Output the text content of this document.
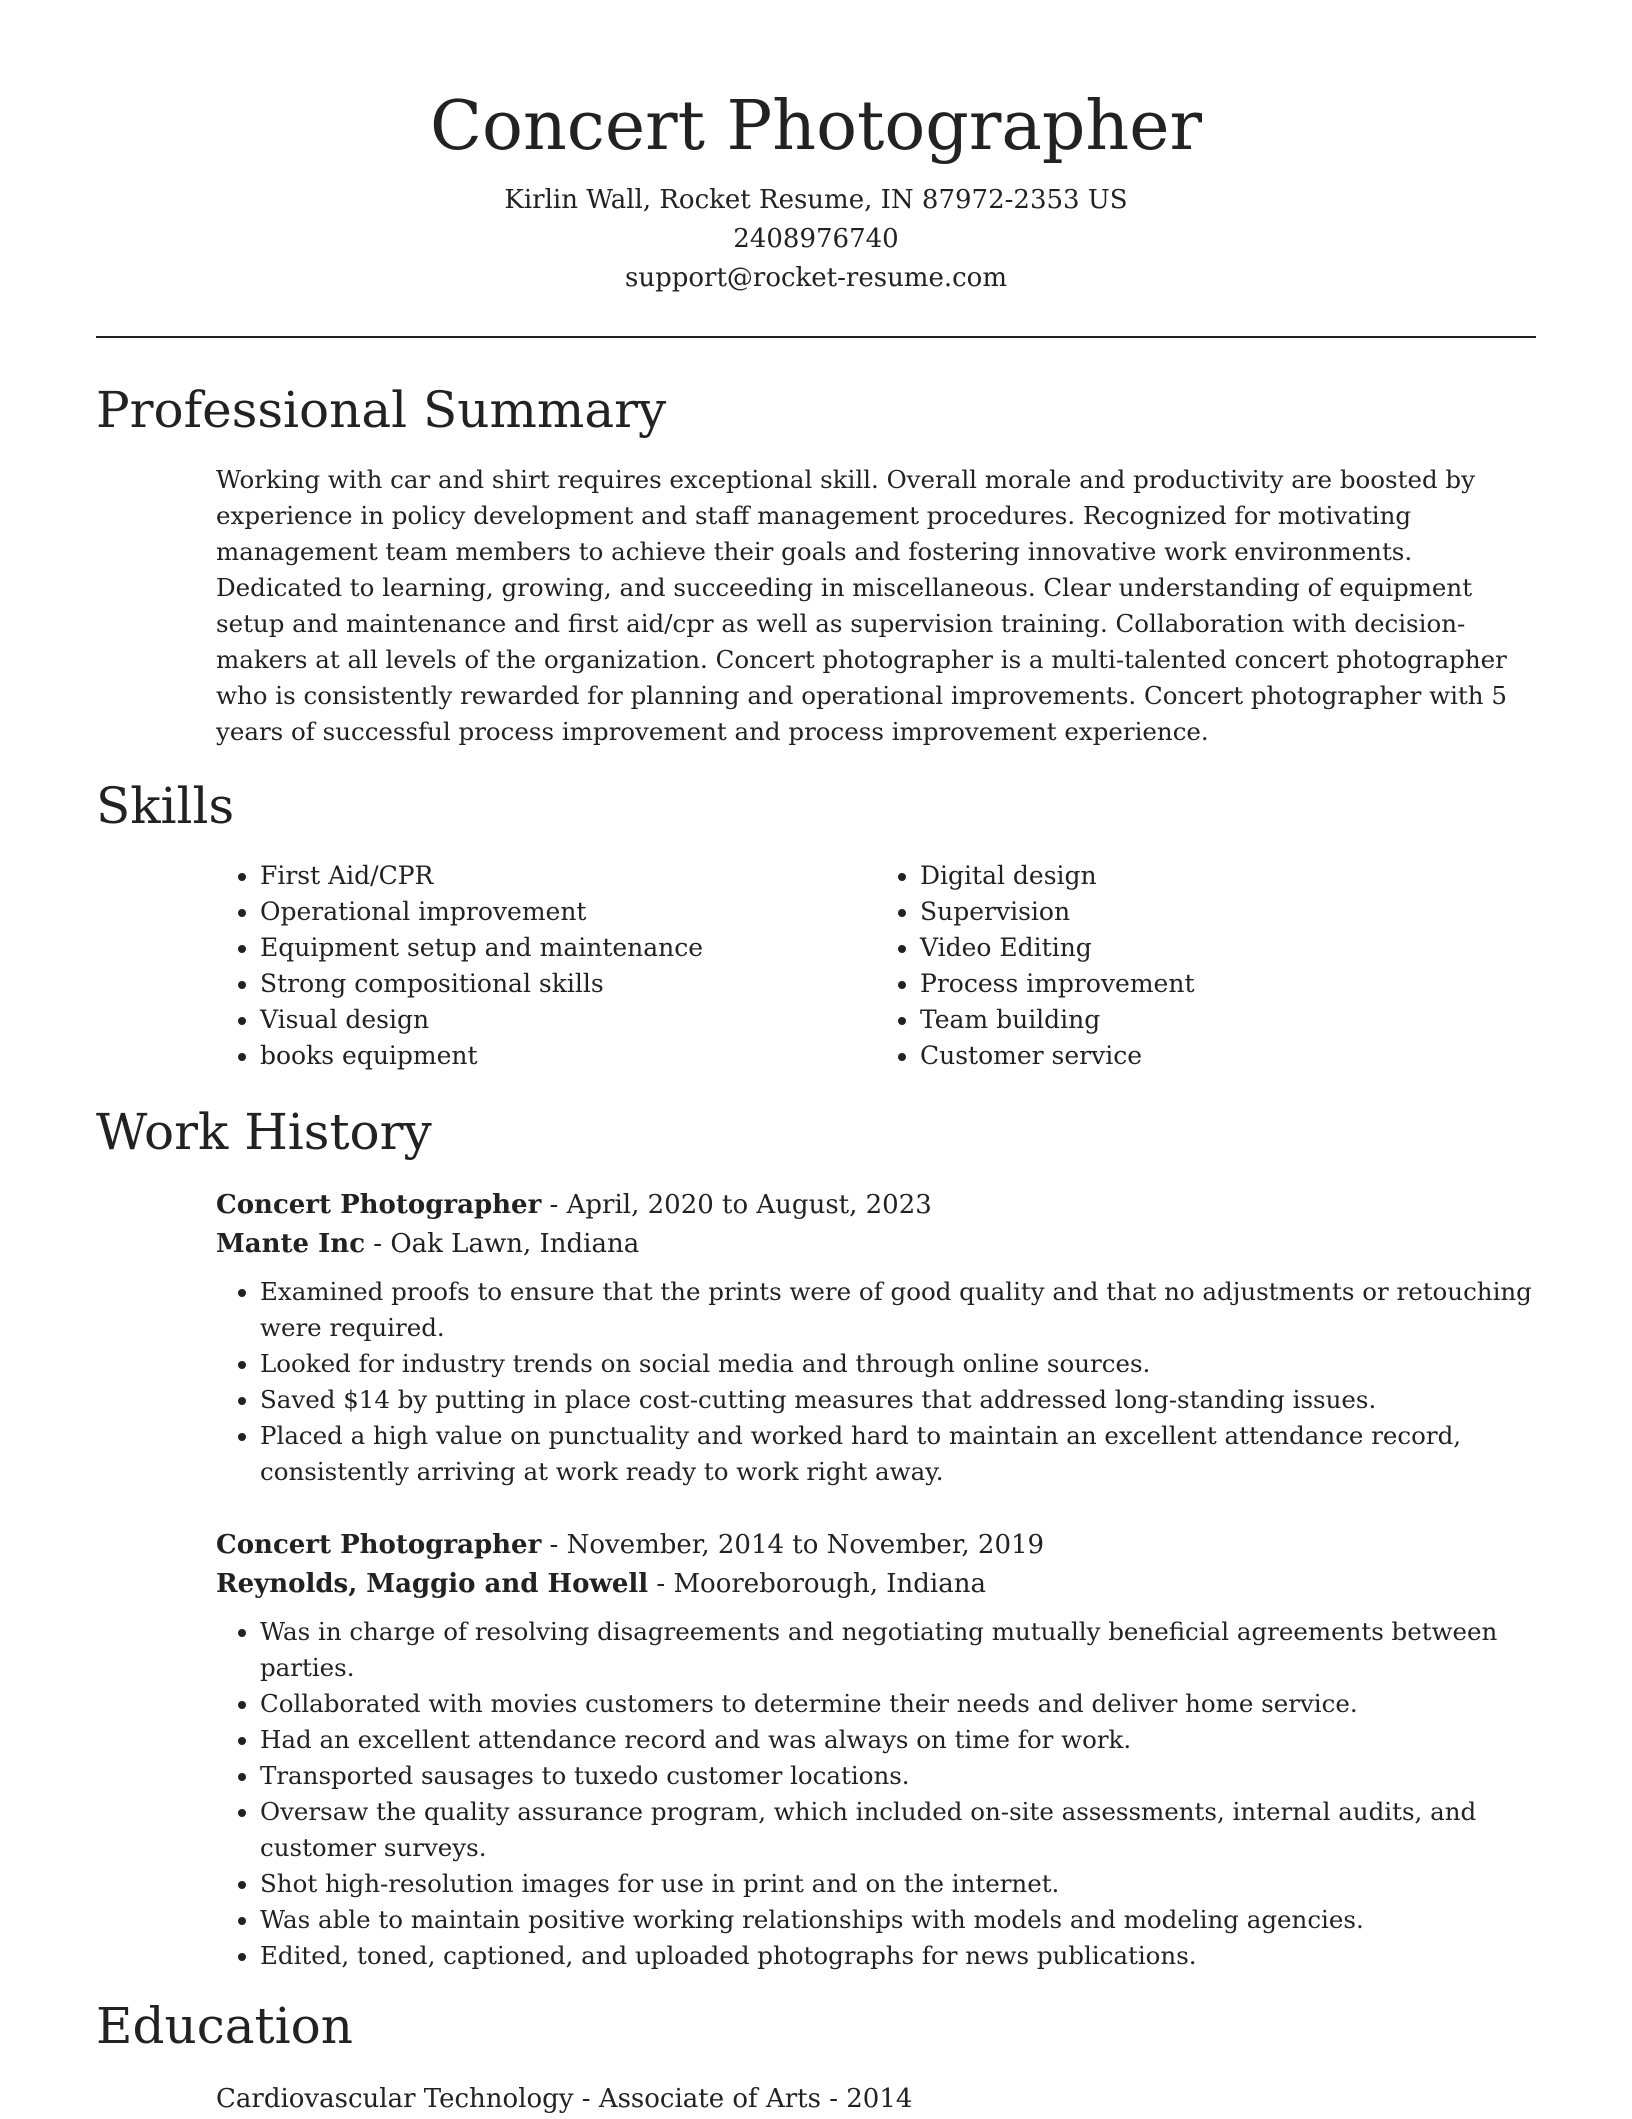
Concert Photographer
Kirlin Wall, Rocket Resume, IN 87972-2353 US
2408976740
support@rocket-resume.com
Professional Summary

Working with car and shirt requires exceptional skill. Overall morale and productivity are boosted by experience in policy development and staff management procedures. Recognized for motivating management team members to achieve their goals and fostering innovative work environments. Dedicated to learning, growing, and succeeding in miscellaneous. Clear understanding of equipment setup and maintenance and first aid/cpr as well as supervision training. Collaboration with decision-makers at all levels of the organization. Concert photographer is a multi-talented concert photographer who is consistently rewarded for planning and operational improvements. Concert photographer with 5 years of successful process improvement and process improvement experience.

Skills
• First Aid/CPR
• Operational improvement
• Equipment setup and maintenance
• Strong compositional skills
• Visual design
• books equipment
• Digital design
• Supervision
• Video Editing
• Process improvement
• Team building
• Customer service
Work History
Concert Photographer - April, 2020 to August, 2023
Mante Inc - Oak Lawn, Indiana
• Examined proofs to ensure that the prints were of good quality and that no adjustments or retouching were required.
• Looked for industry trends on social media and through online sources.
• Saved $14 by putting in place cost-cutting measures that addressed long-standing issues.
• Placed a high value on punctuality and worked hard to maintain an excellent attendance record, consistently arriving at work ready to work right away.
Concert Photographer - November, 2014 to November, 2019
Reynolds, Maggio and Howell - Mooreborough, Indiana
• Was in charge of resolving disagreements and negotiating mutually beneficial agreements between parties.
• Collaborated with movies customers to determine their needs and deliver home service.
• Had an excellent attendance record and was always on time for work.
• Transported sausages to tuxedo customer locations.
• Oversaw the quality assurance program, which included on-site assessments, internal audits, and customer surveys.
• Shot high-resolution images for use in print and on the internet.
• Was able to maintain positive working relationships with models and modeling agencies.
• Edited, toned, captioned, and uploaded photographs for news publications.
Education
Cardiovascular Technology - Associate of Arts - 2014
